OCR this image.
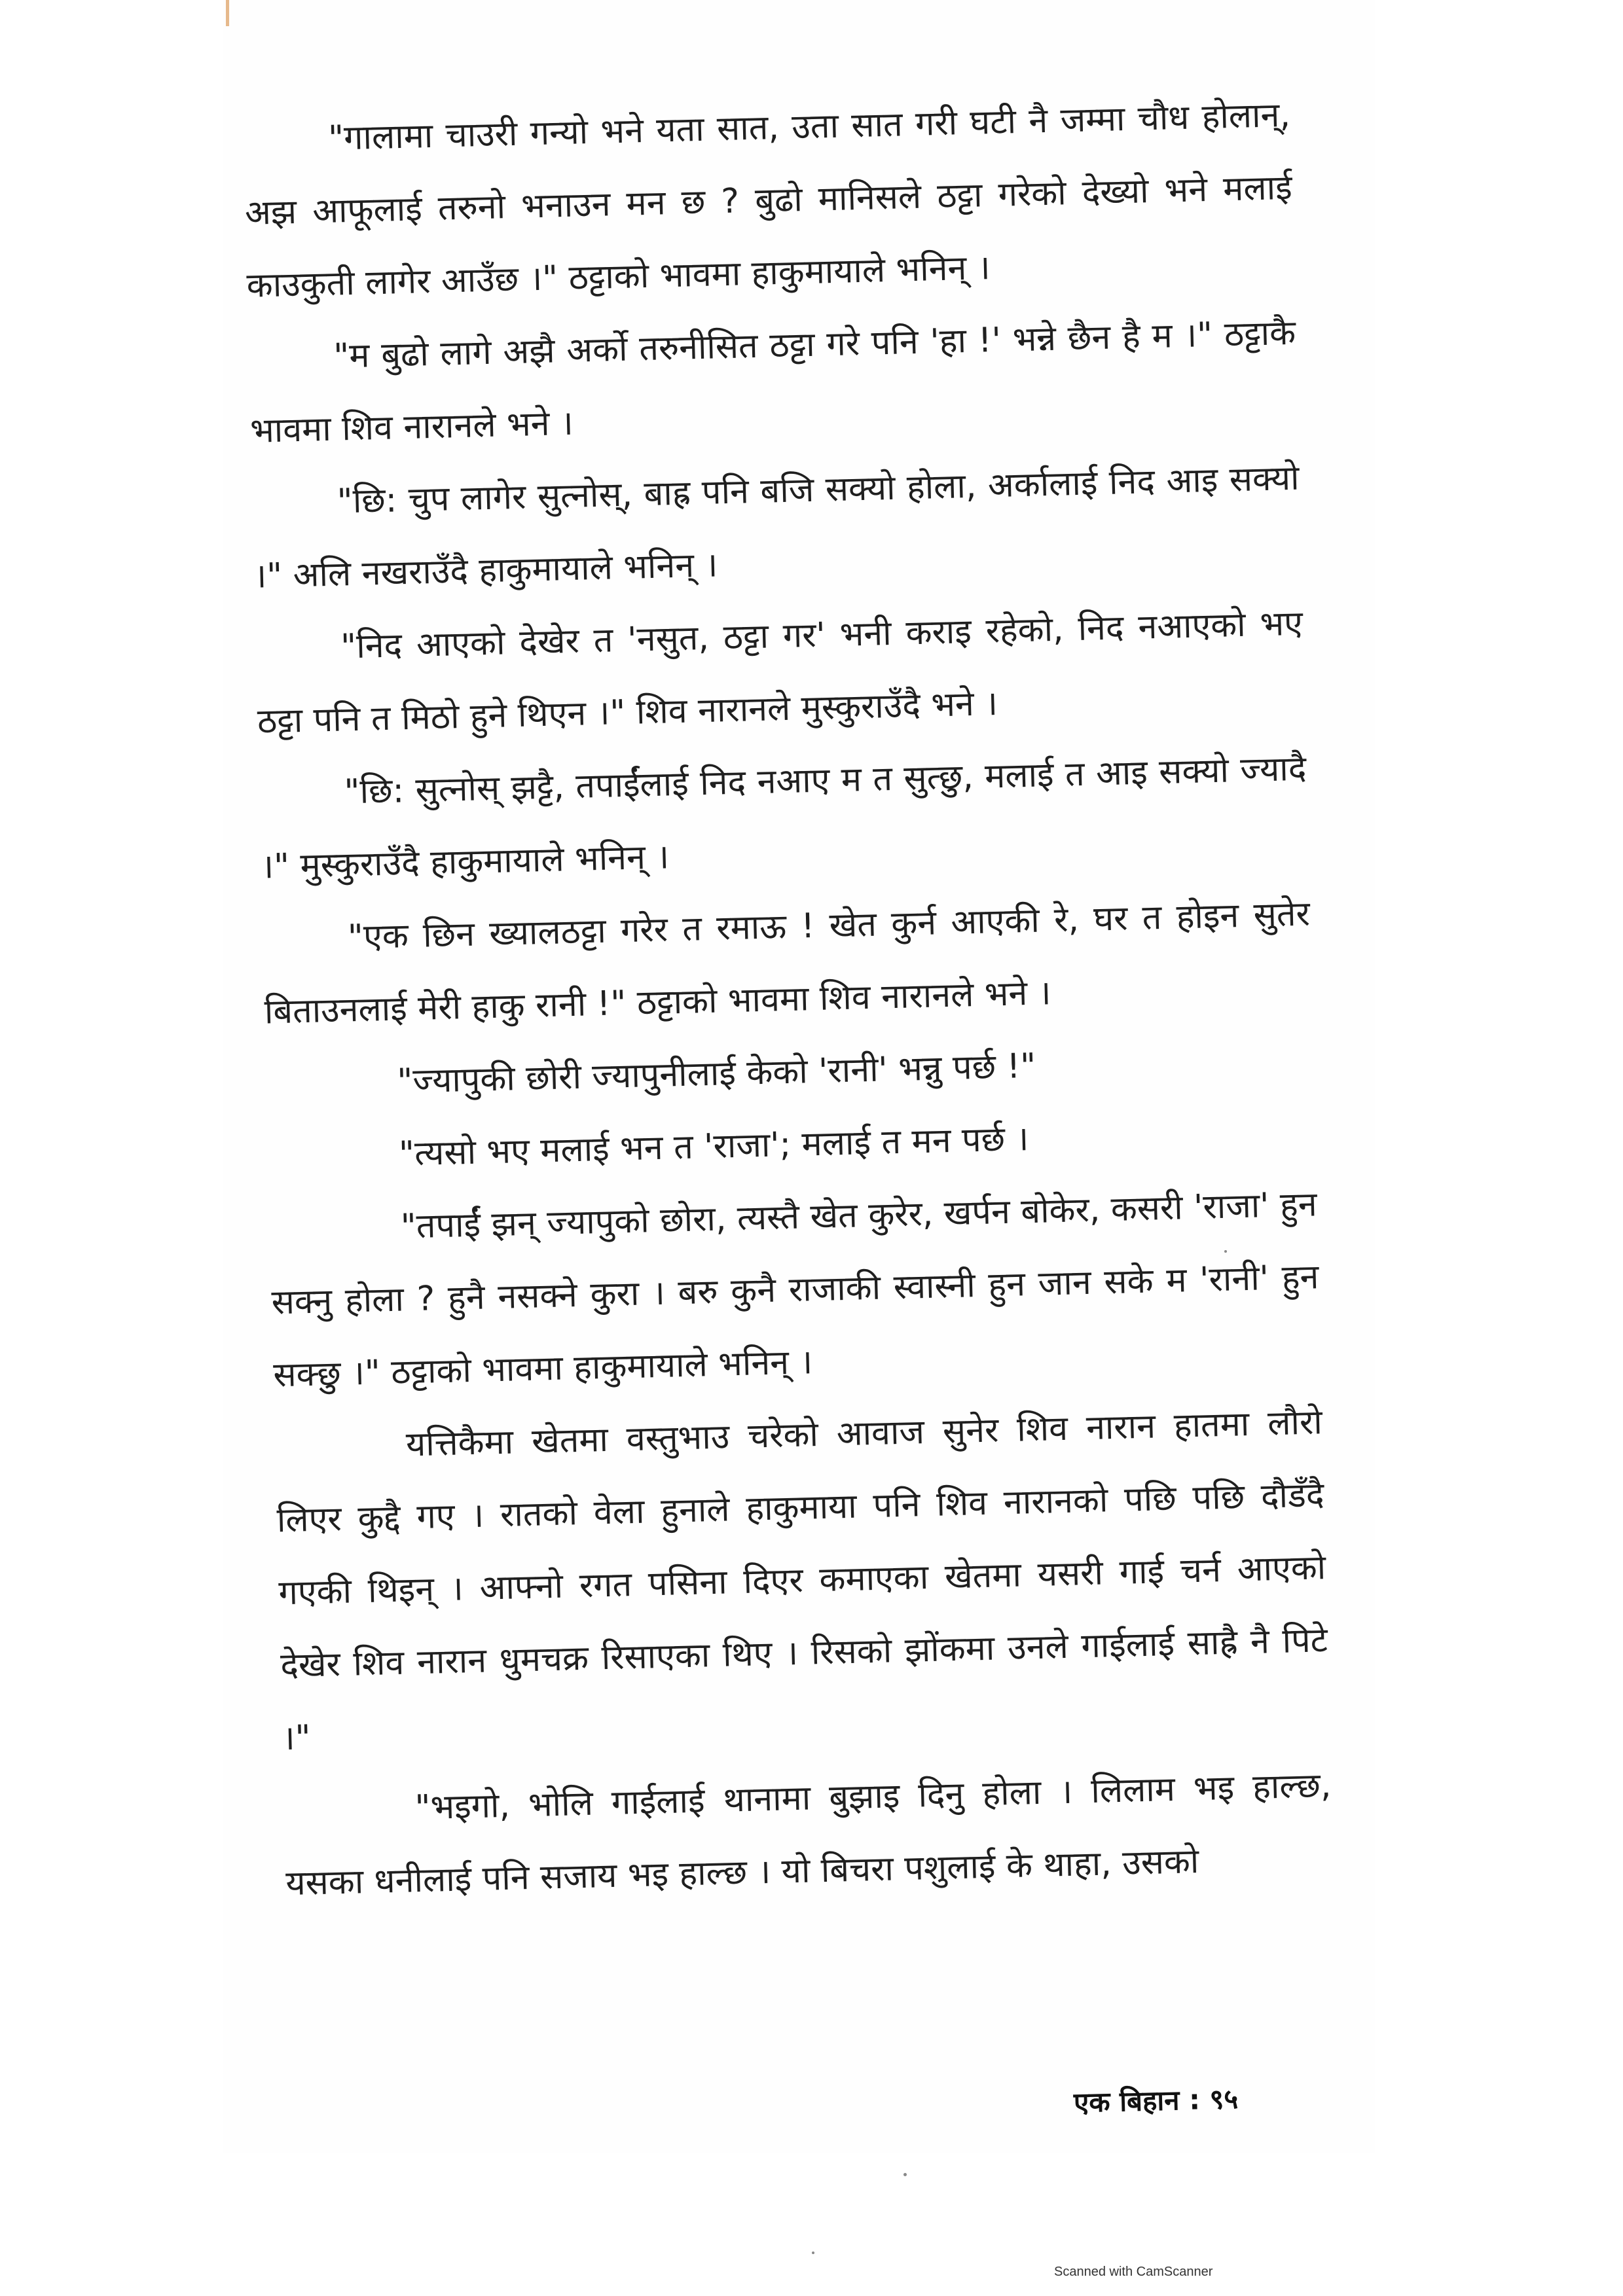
"गालामा चाउरी गन्यो भने यता सात, उता सात गरी घटी नै जम्मा चौध होलान्, अझ आफूलाई तरुनो भनाउन मन छ ? बुढो मानिसले ठट्टा गरेको देख्यो भने मलाई काउकुती लागेर आउँछ ।" ठट्टाको भावमा हाकुमायाले भनिन् ।

"म बुढो लागे अझै अर्को तरुनीसित ठट्टा गरे पनि 'हा !' भन्ने छैन है म ।" ठट्टाकै भावमा शिव नारानले भने ।

"छि: चुप लागेर सुत्नोस्, बाह्र पनि बजि सक्यो होला, अर्कालाई निद आइ सक्यो ।" अलि नखराउँदै हाकुमायाले भनिन् ।

"निद आएको देखेर त 'नसुत, ठट्टा गर' भनी कराइ रहेको, निद नआएको भए ठट्टा पनि त मिठो हुने थिएन ।" शिव नारानले मुस्कुराउँदै भने ।

"छि: सुत्नोस् झट्टै, तपाईंलाई निद नआए म त सुत्छु, मलाई त आइ सक्यो ज्यादै ।" मुस्कुराउँदै हाकुमायाले भनिन् ।

"एक छिन ख्यालठट्टा गरेर त रमाऊ ! खेत कुर्न आएकी रे, घर त होइन सुतेर बिताउनलाई मेरी हाकु रानी !" ठट्टाको भावमा शिव नारानले भने ।

"ज्यापुकी छोरी ज्यापुनीलाई केको 'रानी' भन्नु पर्छ !"

"त्यसो भए मलाई भन त 'राजा'; मलाई त मन पर्छ ।

"तपाईं झन् ज्यापुको छोरा, त्यस्तै खेत कुरेर, खर्पन बोकेर, कसरी 'राजा' हुन सक्नु होला ? हुनै नसक्ने कुरा । बरु कुनै राजाकी स्वास्नी हुन जान सके म 'रानी' हुन सक्छु ।" ठट्टाको भावमा हाकुमायाले भनिन् ।

यत्तिकैमा खेतमा वस्तुभाउ चरेको आवाज सुनेर शिव नारान हातमा लौरो लिएर कुद्दै गए । रातको वेला हुनाले हाकुमाया पनि शिव नारानको पछि पछि दौडँदै गएकी थिइन् । आफ्नो रगत पसिना दिएर कमाएका खेतमा यसरी गाई चर्न आएको देखेर शिव नारान धुमचक्र रिसाएका थिए । रिसको झोंकमा उनले गाईलाई साह्रै नै पिटे ।"

"भइगो, भोलि गाईलाई थानामा बुझाइ दिनु होला । लिलाम भइ हाल्छ, यसका धनीलाई पनि सजाय भइ हाल्छ । यो बिचरा पशुलाई के थाहा, उसको

एक बिहान : ९५
Scanned with CamScanner
